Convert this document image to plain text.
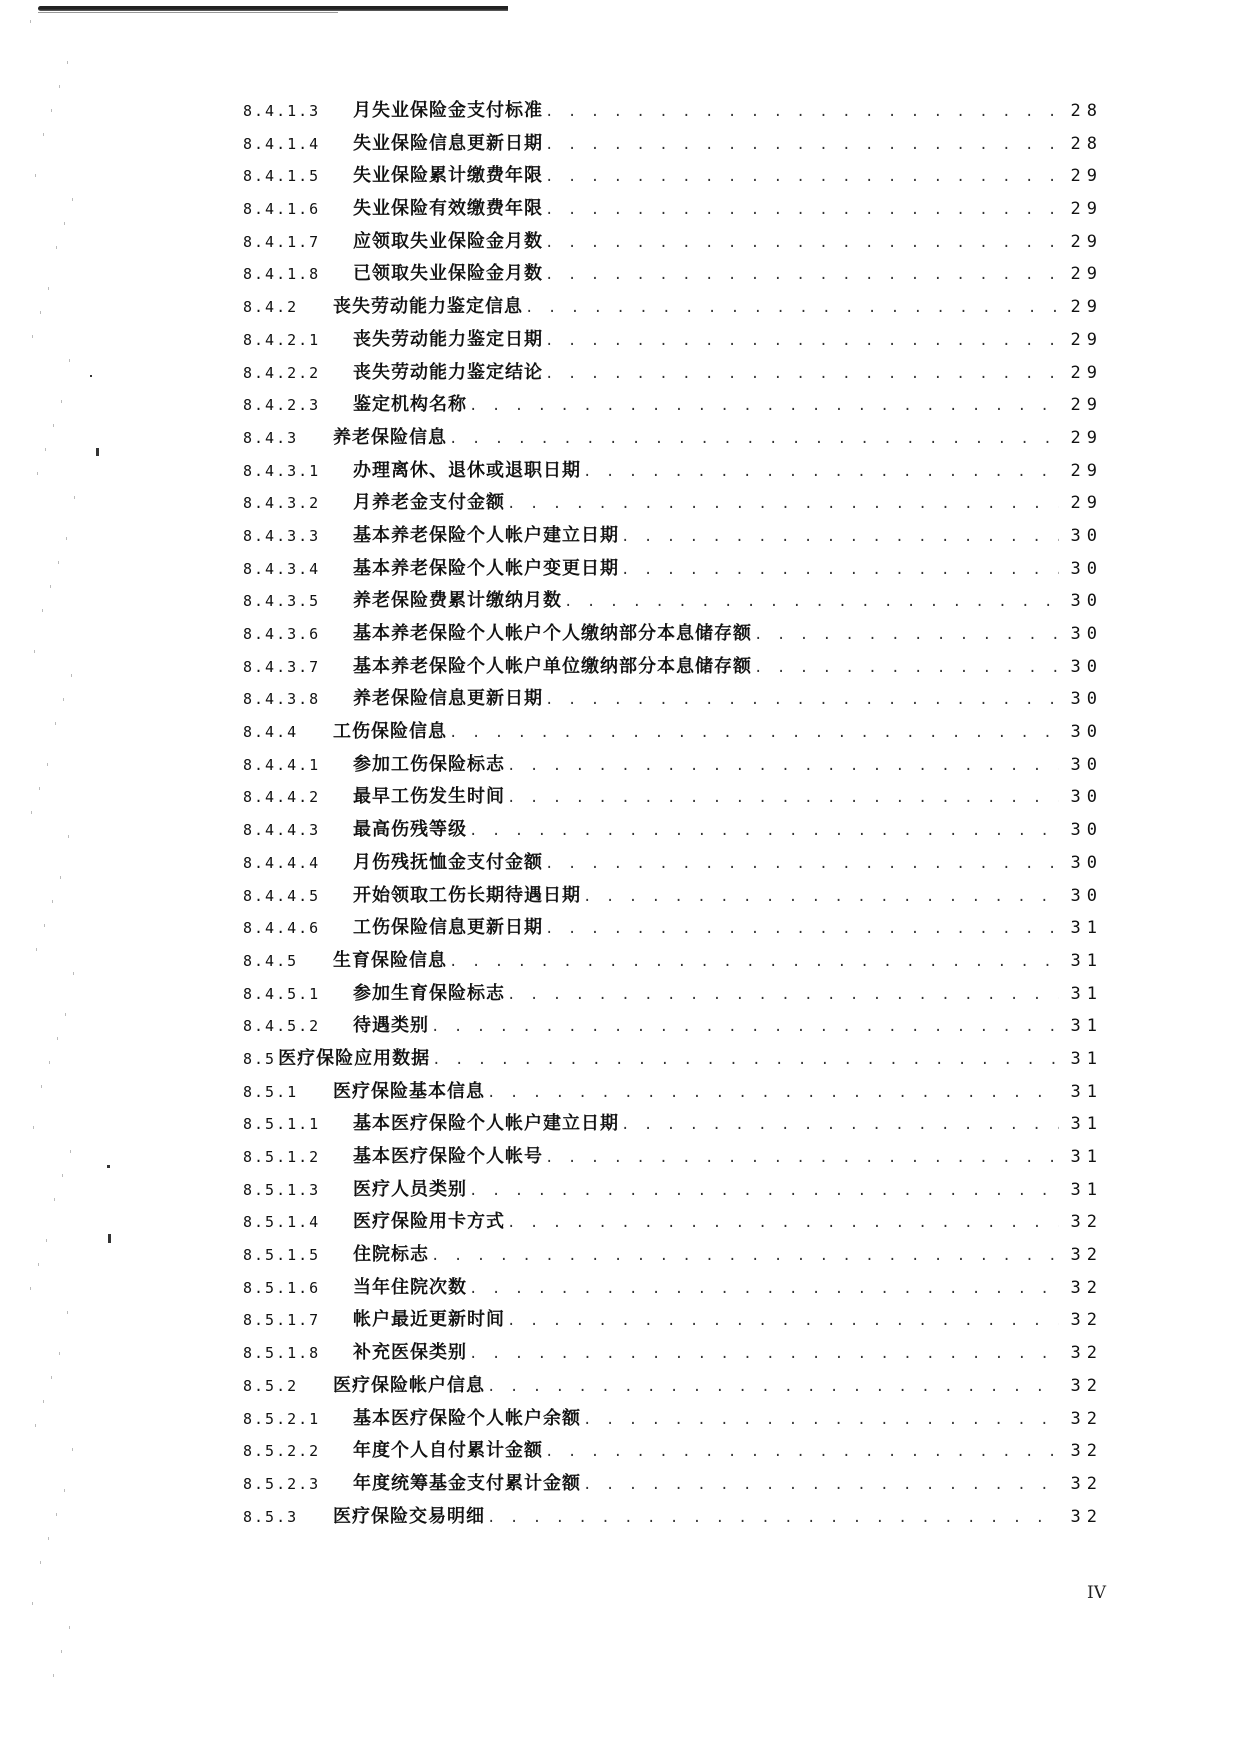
8.4.1.3	月失业保险金支付标准 . . .	28
8.4.1.4	失业保险信息更新日期 . . .	28
8.4.1.5	失业保险累计缴费年限 . . .	29
8.4.1.6	失业保险有效缴费年限 . . .	29
8.4.1.7	应领取失业保险金月数 . . .	29
8.4.1.8	已领取失业保险金月数 . . .	29
8.4.2	丧失劳动能力鉴定信息 . . .	29
8.4.2.1	丧失劳动能力鉴定日期 . . .	29
8.4.2.2	丧失劳动能力鉴定结论 . . .	29
8.4.2.3	鉴定机构名称 . . .	29
8.4.3	养老保险信息 . . .	29
8.4.3.1	办理离休、退休或退职日期 . . .	29
8.4.3.2	月养老金支付金额 . . .	29
8.4.3.3	基本养老保险个人帐户建立日期 . . .	30
8.4.3.4	基本养老保险个人帐户变更日期 . . .	30
8.4.3.5	养老保险费累计缴纳月数 . . .	30
8.4.3.6	基本养老保险个人帐户个人缴纳部分本息储存额 . . .	30
8.4.3.7	基本养老保险个人帐户单位缴纳部分本息储存额 . . .	30
8.4.3.8	养老保险信息更新日期 . . .	30
8.4.4	工伤保险信息 . . .	30
8.4.4.1	参加工伤保险标志 . . .	30
8.4.4.2	最早工伤发生时间 . . .	30
8.4.4.3	最高伤残等级 . . .	30
8.4.4.4	月伤残抚恤金支付金额 . . .	30
8.4.4.5	开始领取工伤长期待遇日期 . . .	30
8.4.4.6	工伤保险信息更新日期 . . .	31
8.4.5	生育保险信息 . . .	31
8.4.5.1	参加生育保险标志 . . .	31
8.4.5.2	待遇类别 . . .	31
8.5 医疗保险应用数据 . . .	31
8.5.1	医疗保险基本信息 . . .	31
8.5.1.1	基本医疗保险个人帐户建立日期 . . .	31
8.5.1.2	基本医疗保险个人帐号 . . .	31
8.5.1.3	医疗人员类别 . . .	31
8.5.1.4	医疗保险用卡方式 . . .	32
8.5.1.5	住院标志 . . .	32
8.5.1.6	当年住院次数 . . .	32
8.5.1.7	帐户最近更新时间 . . .	32
8.5.1.8	补充医保类别 . . .	32
8.5.2	医疗保险帐户信息 . . .	32
8.5.2.1	基本医疗保险个人帐户余额 . . .	32
8.5.2.2	年度个人自付累计金额 . . .	32
8.5.2.3	年度统筹基金支付累计金额 . . .	32
8.5.3	医疗保险交易明细 . . .	32
IV
